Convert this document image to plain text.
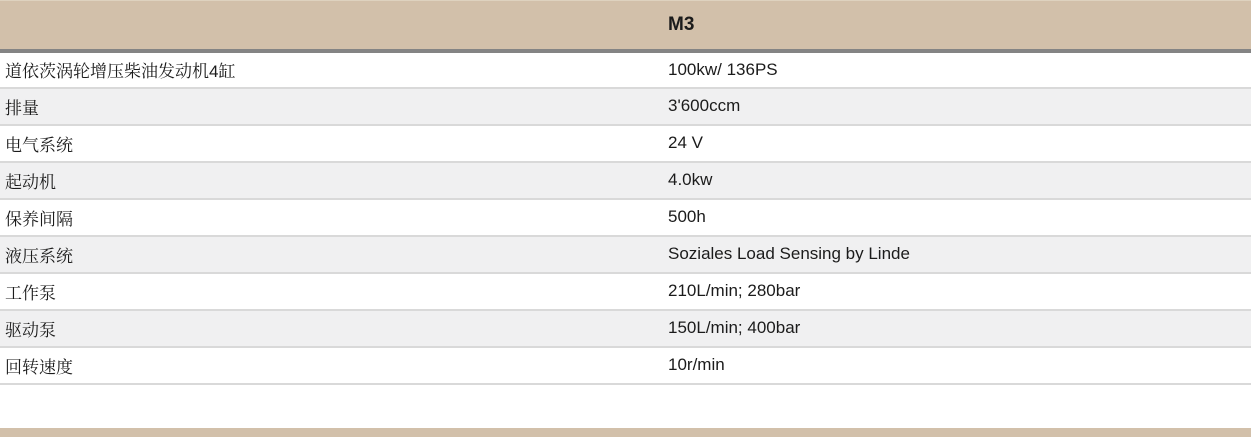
	M3
道依茨涡轮增压柴油发动机4缸	100kw/ 136PS
排量	3'600ccm
电气系统	24 V
起动机	4.0kw
保养间隔	500h
液压系统	Soziales Load Sensing by Linde
工作泵	210L/min; 280bar
驱动泵	150L/min; 400bar
回转速度	10r/min
